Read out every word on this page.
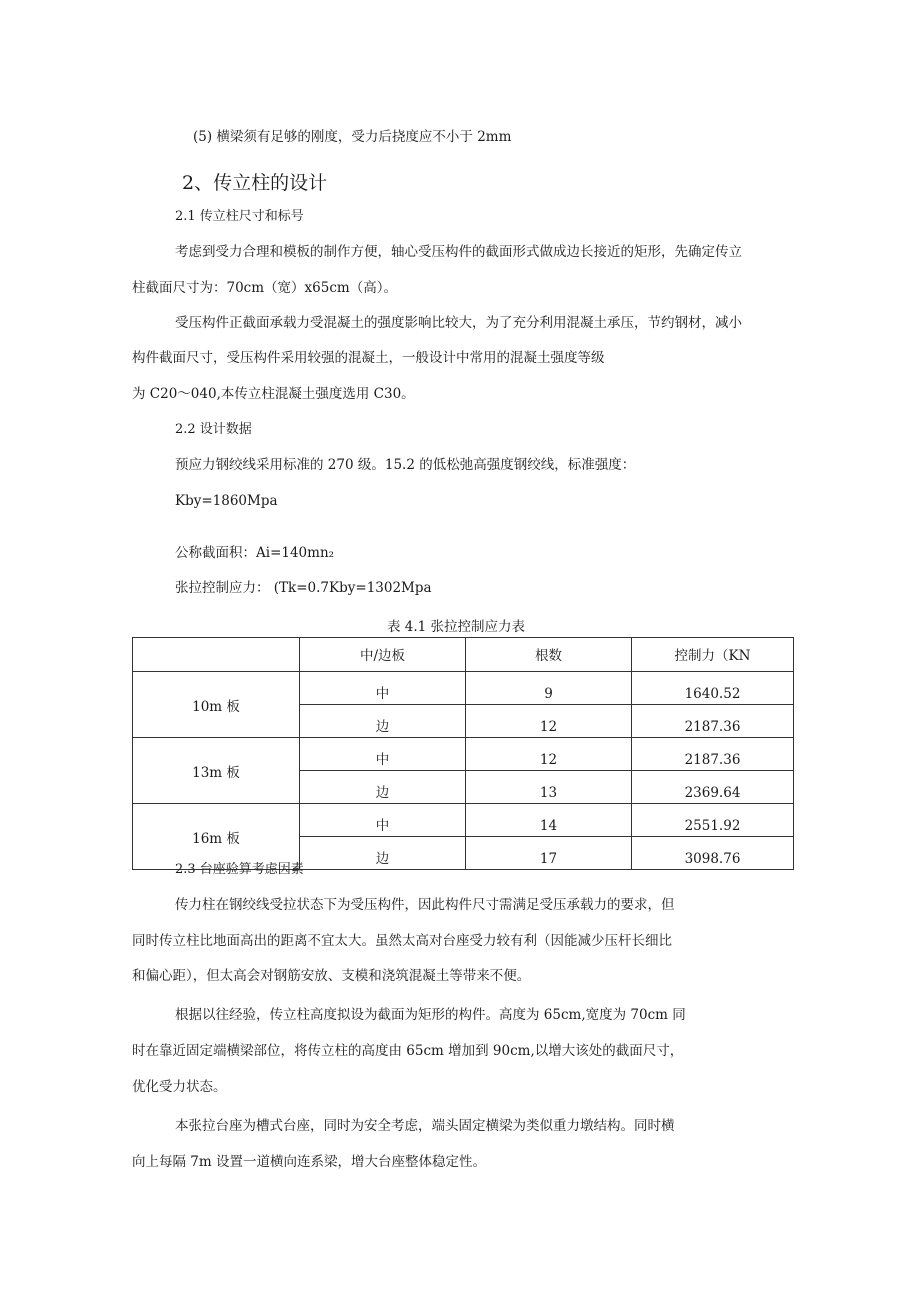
(5) 横梁须有足够的刚度，受力后挠度应不小于 2mm
2、传立柱的设计
2.1 传立柱尺寸和标号
考虑到受力合理和模板的制作方便，轴心受压构件的截面形式做成边长接近的矩形，先确定传立
柱截面尺寸为：70cm（宽）x65cm（高）。
受压构件正截面承载力受混凝土的强度影响比较大，为了充分利用混凝土承压，节约钢材，减小
构件截面尺寸，受压构件采用较强的混凝土，一般设计中常用的混凝土强度等级
为 C20〜040,本传立柱混凝土强度选用 C30。
2.2 设计数据
预应力钢绞线采用标准的 270 级。15.2 的低松弛高强度钢绞线，标准强度：
Kby=1860Mpa
公称截面积：Ai=140mn₂
张拉控制应力： (Tk=0.7Kby=1302Mpa
表 4.1 张拉控制应力表
	中/边板	根数	控制力（KN
10m 板	中	9	1640.52
	边	12	2187.36
13m 板	中	12	2187.36
	边	13	2369.64
16m 板	中	14	2551.92
	边	17	3098.76
2.3 台座验算考虑因素
传力柱在钢绞线受拉状态下为受压构件，因此构件尺寸需满足受压承载力的要求，但
同时传立柱比地面高出的距离不宜太大。虽然太高对台座受力较有利（因能减少压杆长细比
和偏心距），但太高会对钢筋安放、支模和浇筑混凝土等带来不便。
根据以往经验，传立柱高度拟设为截面为矩形的构件。高度为 65cm,宽度为 70cm 同
时在靠近固定端横梁部位，将传立柱的高度由 65cm 增加到 90cm,以增大该处的截面尺寸，
优化受力状态。
本张拉台座为槽式台座，同时为安全考虑，端头固定横梁为类似重力墩结构。同时横
向上每隔 7m 设置一道横向连系梁，增大台座整体稳定性。
